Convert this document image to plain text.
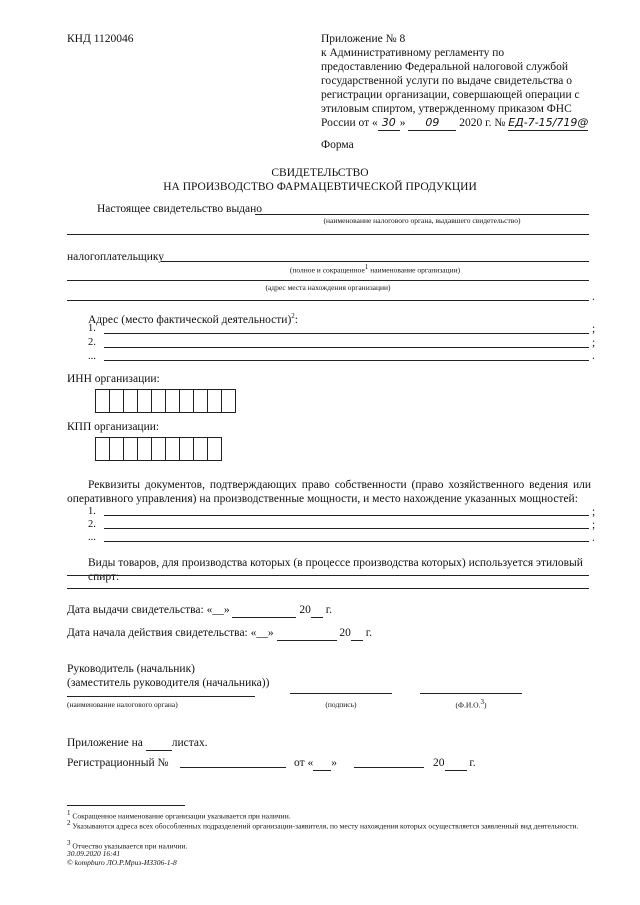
КНД 1120046	Приложение № 8
к Административному регламенту по
предоставлению Федеральной налоговой службой
государственной услуги по выдаче свидетельства о
регистрации организации, совершающей операции с
этиловым спиртом, утвержденному приказом ФНС
России от « 30 » 09 2020 г. № ЕД-7-15/719@
Форма
СВИДЕТЕЛЬСТВО
НА ПРОИЗВОДСТВО ФАРМАЦЕВТИЧЕСКОЙ ПРОДУКЦИИ
Настоящее свидетельство выдано
(наименование налогового органа, выдавшего свидетельство)
налогоплательщику
(полное и сокращенное$^1$ наименование организации)
(адрес места нахождения организации)
.
Адрес (место фактической деятельности)$^2$:
1.	;
2.	;
...	.
ИНН организации:
КПП организации:
Реквизиты документов, подтверждающих право собственности (право хозяйственного ведения или оперативного управления) на производственные мощности, и место нахождение указанных мощностей:
1.	;
2.	;
...	.
Виды товаров, для производства которых (в процессе производства которых) используется этиловый спирт:
Дата выдачи свидетельства: «__»	20 г.
Дата начала действия свидетельства: «__»	20 г.
Руководитель (начальник)
(заместитель руководителя (начальника))
(наименование налогового органа)	(подпись)	(Ф.И.О.$^3$)
Приложение на	листах.
Регистрационный №	от « »	20 г.
$^1$ Сокращенное наименование организации указывается при наличии.
$^2$ Указываются адреса всех обособленных подразделений организации-заявителя, по месту нахождения которых осуществляется заявленный вид деятельности.
$^3$ Отчество указывается при наличии.
30.09.2020 16:41
© kompburo ЛО.Р.Мриз-ИЗ306-1-8
